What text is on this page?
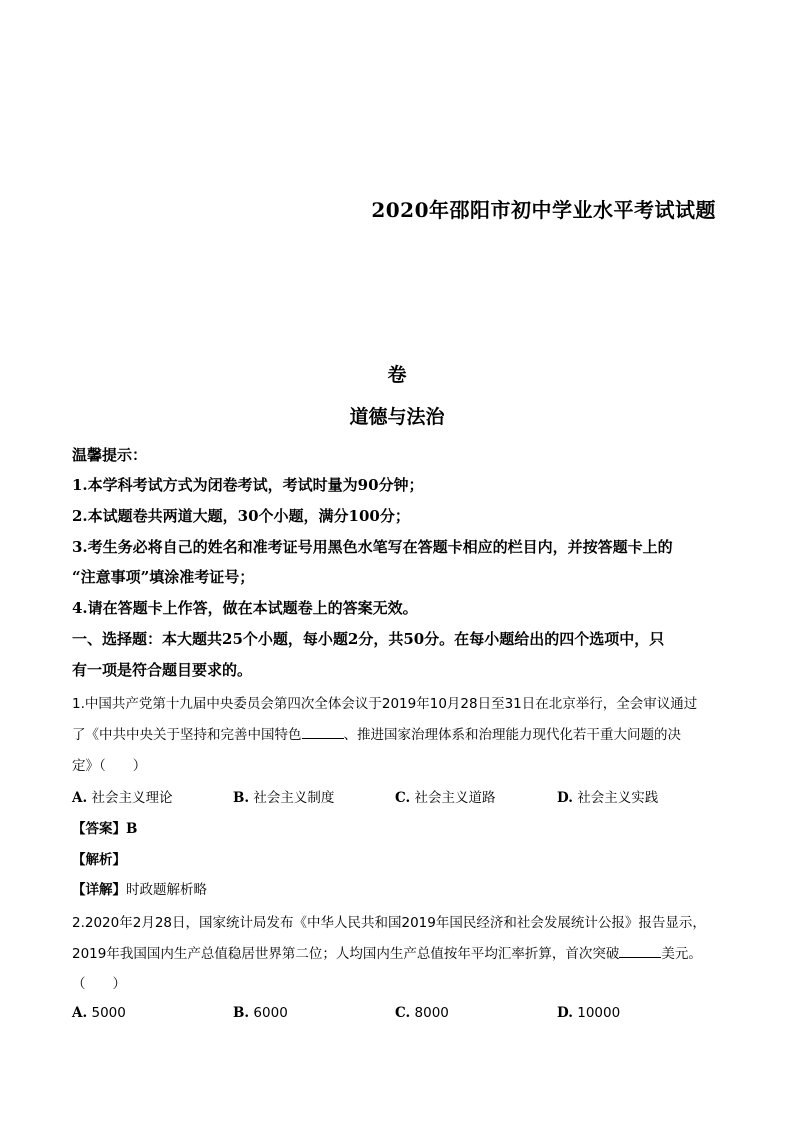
2020年邵阳市初中学业水平考试试题
卷
道德与法治
温馨提示：
1.本学科考试方式为闭卷考试，考试时量为90分钟；
2.本试题卷共两道大题，30个小题，满分100分；
3.考生务必将自己的姓名和准考证号用黑色水笔写在答题卡相应的栏目内，并按答题卡上的
“注意事项”填涂准考证号；
4.请在答题卡上作答，做在本试题卷上的答案无效。
一、选择题：本大题共25个小题，每小题2分，共50分。在每小题给出的四个选项中，只
有一项是符合题目要求的。
1.中国共产党第十九届中央委员会第四次全体会议于2019年10月28日至31日在北京举行，全会审议通过
了《中共中央关于坚持和完善中国特色	、推进国家治理体系和治理能力现代化若干重大问题的决
定》（　　）
A. 社会主义理论	B. 社会主义制度	C. 社会主义道路	D. 社会主义实践
【答案】B
【解析】
【详解】时政题解析略
2.2020年2月28日，国家统计局发布《中华人民共和国2019年国民经济和社会发展统计公报》报告显示，
2019年我国国内生产总值稳居世界第二位；人均国内生产总值按年平均汇率折算，首次突破	美元。
（　　）
A. 5000	B. 6000	C. 8000	D. 10000
